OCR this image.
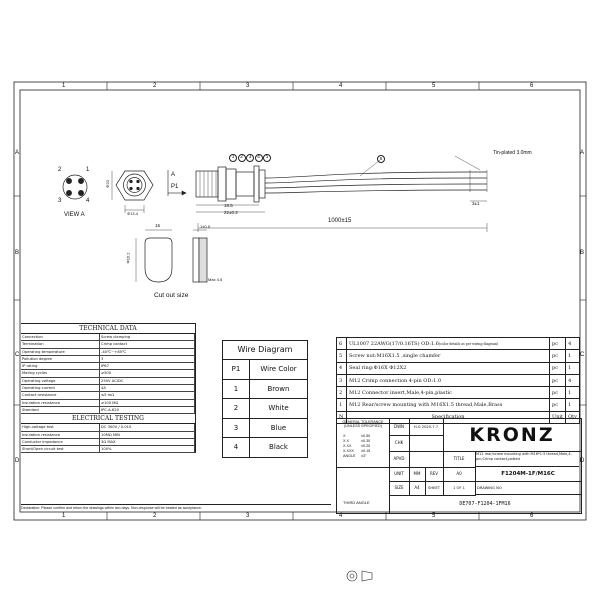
1	2	3	4	5	6
1	2	3	4	5	6
A
B
C
D
A
B
C
D
2	1
3	4
VIEW A	Φ13.4
Φ20
A
P1
18.5
22±0.2
1	2	3	4	5	6
Tin-plated 3.0mm
3±1
1000±15
Cut out size
16
Φ16.2
1±0.5
Max 4.5
TECHNICAL DATA
Connection	Screw clamping
Termination	Crimp contact
Operating temperature	-40℃~+85℃
Pollution degree	3
IP rating	IP67
Mating cycles	≥500
Operating voltage	250V AC/DC
Operating current	4A
Contact resistance	≤5 mΩ
Insulation resistance	≥100 MΩ
Standard	IPC-A-620
ELECTRICAL TESTING
High-voltage test	DC 300V / 0.01S
Insulation resistance	10MΩ MIN
Conductor impedance	3Ω MAX
Short/Open circuit test	100%
Declaration: Please confirm and return the drawings within two days. Non-response will be treated as acceptance.
Wire Diagram
P1	Wire Color
1	Brown
2	White
3	Blue
4	Black
6	UL1007 22AWG(17/0.16TS) OD:1.6(color details as per wiring diagram)	pc	4
5	Screw nut:M16X1.5 ,single chamfer	pc	1
4	Seal ring:Φ16X Φ12X2	pc	1
3	M12 Crimp connection 4-pin OD:1.0	pc	4
2	M12 Connector insert,Male,4-pin,plastic	pc	1
1	M12 Rear/screw mounting with M16X1.5 thread,Male,Brass	pc	1
N	Specification	Unit	Qty
GENERAL TOLERANCE (UNLESS SPECIFIED)
X.	±0.50
X.X	±0.30
X.XX	±0.20
X.XXX ±0.15
ANGLE ±3°
DWN	H.G 2025.7.7
CHK
APVD
KRONZ
TITLE
M12 rear/screw mounting with M16*1.5 thread,Male,4-pin,Crimp contact,potted
UNIT	MM	REV	A0	F1204M-1F/M16C
SIZE	A4	SHEET	1 OF 1	DRAWING NO
THIRD ANGLE	DE707-F1204-1FM16
